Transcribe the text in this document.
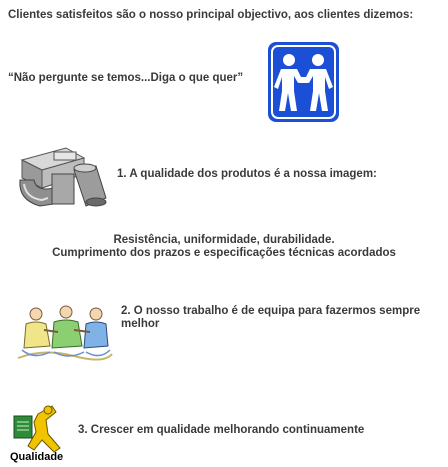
Clientes satisfeitos são o nosso principal objectivo, aos clientes dizemos:
“Não pergunte se temos...Diga o que quer”
1. A qualidade dos produtos é a nossa imagem:
Resistência, uniformidade, durabilidade.
Cumprimento dos prazos e especificações técnicas acordados
2. O nosso trabalho é de equipa para fazermos sempre
melhor
Qualidade
3. Crescer em qualidade melhorando continuamente
